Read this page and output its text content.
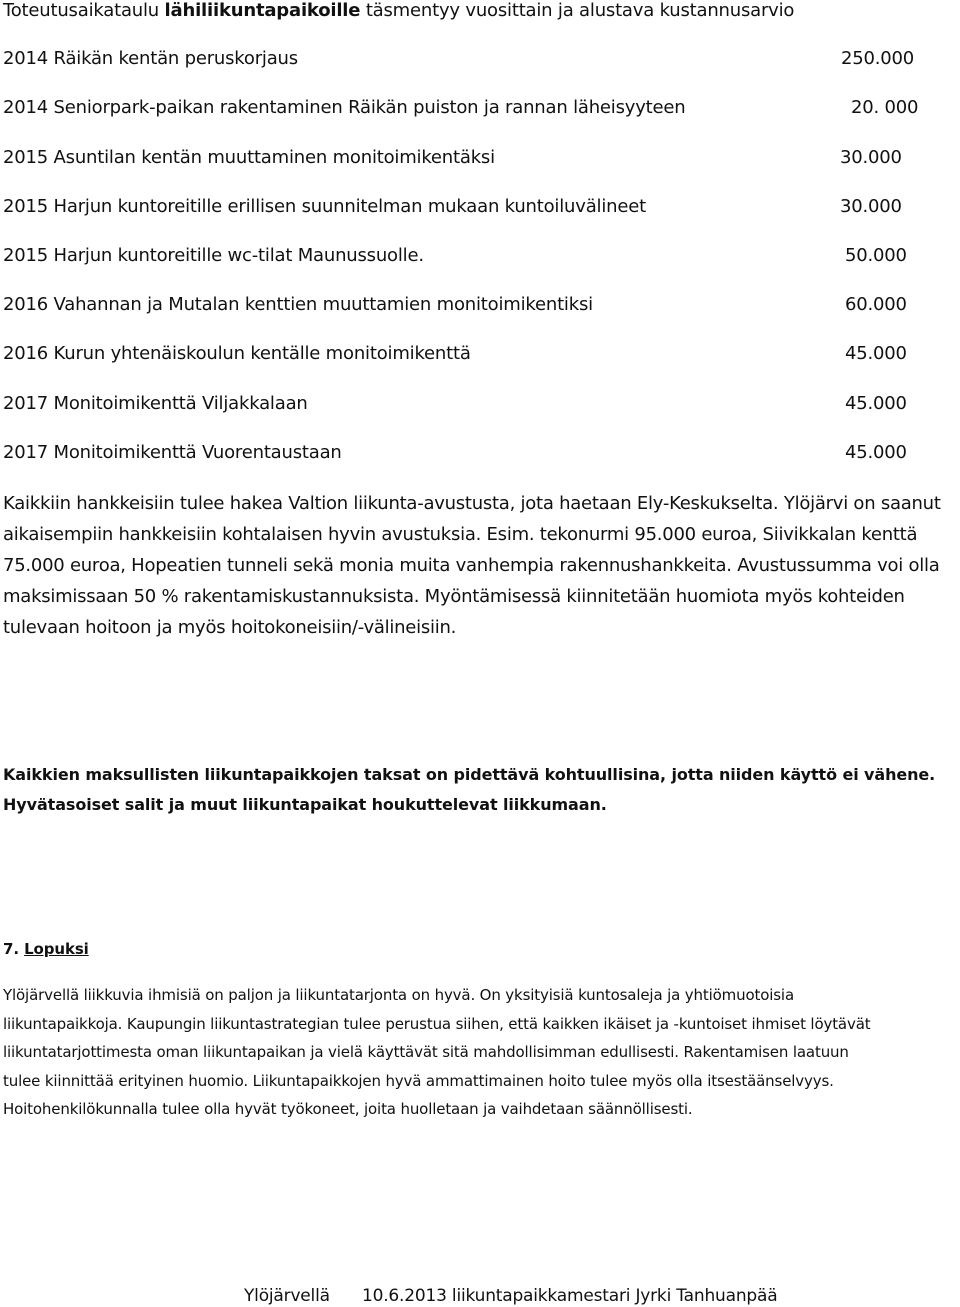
Toteutusaikataulu lähiliikuntapaikoille täsmentyy vuosittain ja alustava kustannusarvio
2014 Räikän kentän peruskorjaus	250.000
2014 Seniorpark-paikan rakentaminen Räikän puiston ja rannan läheisyyteen	20. 000
2015 Asuntilan kentän muuttaminen monitoimikentäksi	30.000
2015 Harjun kuntoreitille erillisen suunnitelman mukaan kuntoiluvälineet	30.000
2015 Harjun kuntoreitille wc-tilat Maunussuolle.	50.000
2016 Vahannan ja Mutalan kenttien muuttamien monitoimikentiksi	60.000
2016 Kurun yhtenäiskoulun kentälle monitoimikenttä	45.000
2017 Monitoimikenttä Viljakkalaan	45.000
2017 Monitoimikenttä Vuorentaustaan	45.000
Kaikkiin hankkeisiin tulee hakea Valtion liikunta-avustusta, jota haetaan Ely-Keskukselta. Ylöjärvi on saanut
aikaisempiin hankkeisiin kohtalaisen hyvin avustuksia. Esim. tekonurmi 95.000 euroa, Siivikkalan kenttä
75.000 euroa, Hopeatien tunneli sekä monia muita vanhempia rakennushankkeita. Avustussumma voi olla
maksimissaan 50 % rakentamiskustannuksista. Myöntämisessä kiinnitetään huomiota myös kohteiden
tulevaan hoitoon ja myös hoitokoneisiin/-välineisiin.
Kaikkien maksullisten liikuntapaikkojen taksat on pidettävä kohtuullisina, jotta niiden käyttö ei vähene.
Hyvätasoiset salit ja muut liikuntapaikat houkuttelevat liikkumaan.
7. Lopuksi
Ylöjärvellä liikkuvia ihmisiä on paljon ja liikuntatarjonta on hyvä. On yksityisiä kuntosaleja ja yhtiömuotoisia
liikuntapaikkoja. Kaupungin liikuntastrategian tulee perustua siihen, että kaikken ikäiset ja -kuntoiset ihmiset löytävät
liikuntatarjottimesta oman liikuntapaikan ja vielä käyttävät sitä mahdollisimman edullisesti. Rakentamisen laatuun
tulee kiinnittää erityinen huomio. Liikuntapaikkojen hyvä ammattimainen hoito tulee myös olla itsestäänselvyys.
Hoitohenkilökunnalla tulee olla hyvät työkoneet, joita huolletaan ja vaihdetaan säännöllisesti.
Ylöjärvellä 10.6.2013 liikuntapaikkamestari Jyrki Tanhuanpää
